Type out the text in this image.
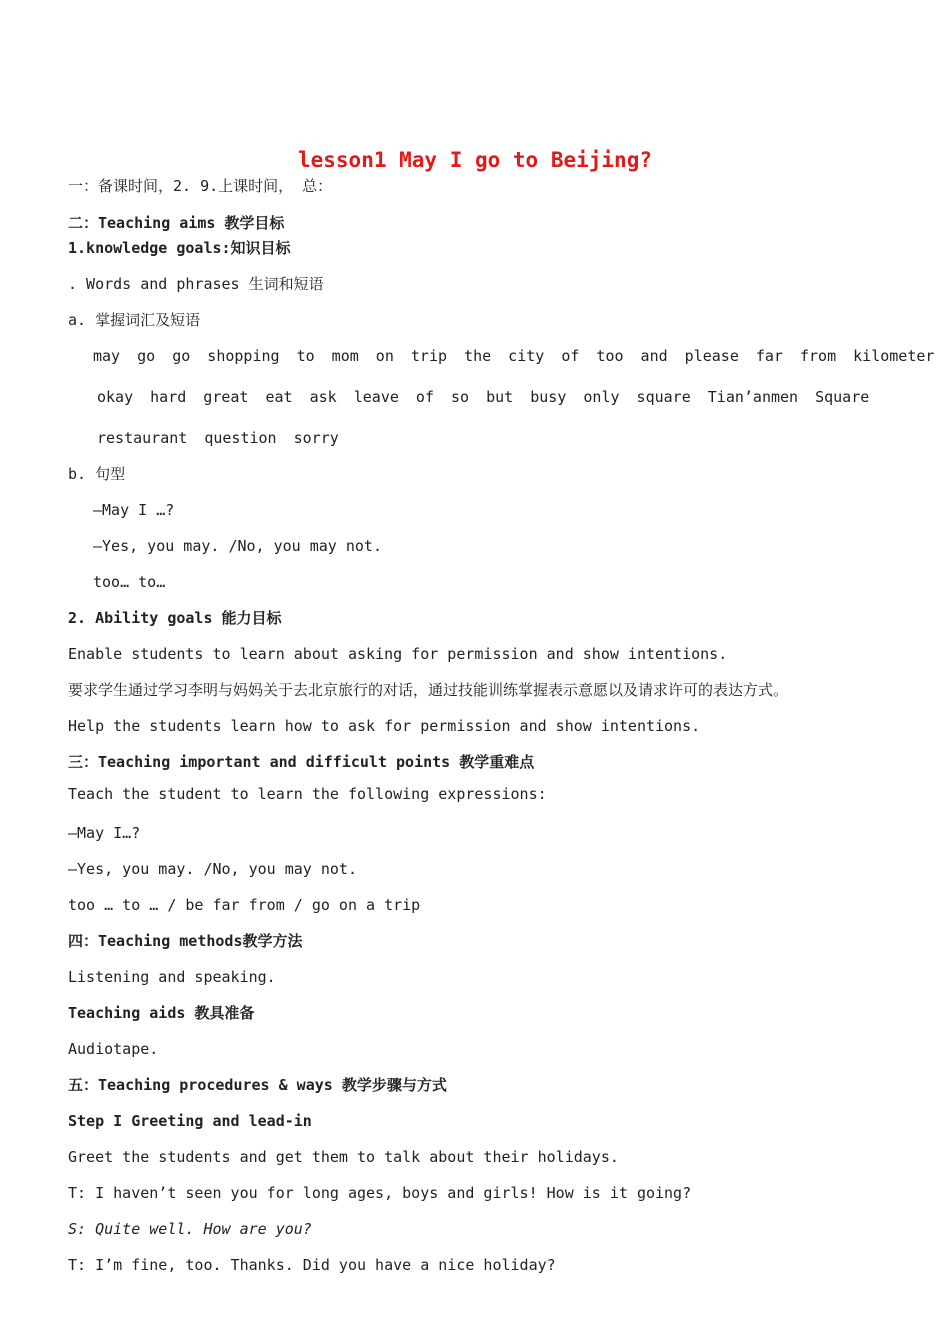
lesson1 May I go to Beijing?
一：备课时间，2. 9.上课时间， 总：
二：Teaching aims 教学目标
1.knowledge goals:知识目标
. Words and phrases 生词和短语
a. 掌握词汇及短语
may go go shopping to mom on trip the city of too and please far from kilometer
okay hard great eat ask leave of so but busy only square Tian’anmen Square
restaurant question sorry
b. 句型
—May I …?
—Yes, you may. /No, you may not.
too… to…
2. Ability goals 能力目标
Enable students to learn about asking for permission and show intentions.
要求学生通过学习李明与妈妈关于去北京旅行的对话，通过技能训练掌握表示意愿以及请求许可的表达方式。
Help the students learn how to ask for permission and show intentions.
三：Teaching important and difficult points 教学重难点
Teach the student to learn the following expressions:
—May I…?
—Yes, you may. /No, you may not.
too … to … / be far from / go on a trip
四：Teaching methods教学方法
Listening and speaking.
Teaching aids 教具准备
Audiotape.
五：Teaching procedures & ways 教学步骤与方式
Step I Greeting and lead-in
Greet the students and get them to talk about their holidays.
T: I haven’t seen you for long ages, boys and girls! How is it going?
S: Quite well. How are you?
T: I’m fine, too. Thanks. Did you have a nice holiday?
